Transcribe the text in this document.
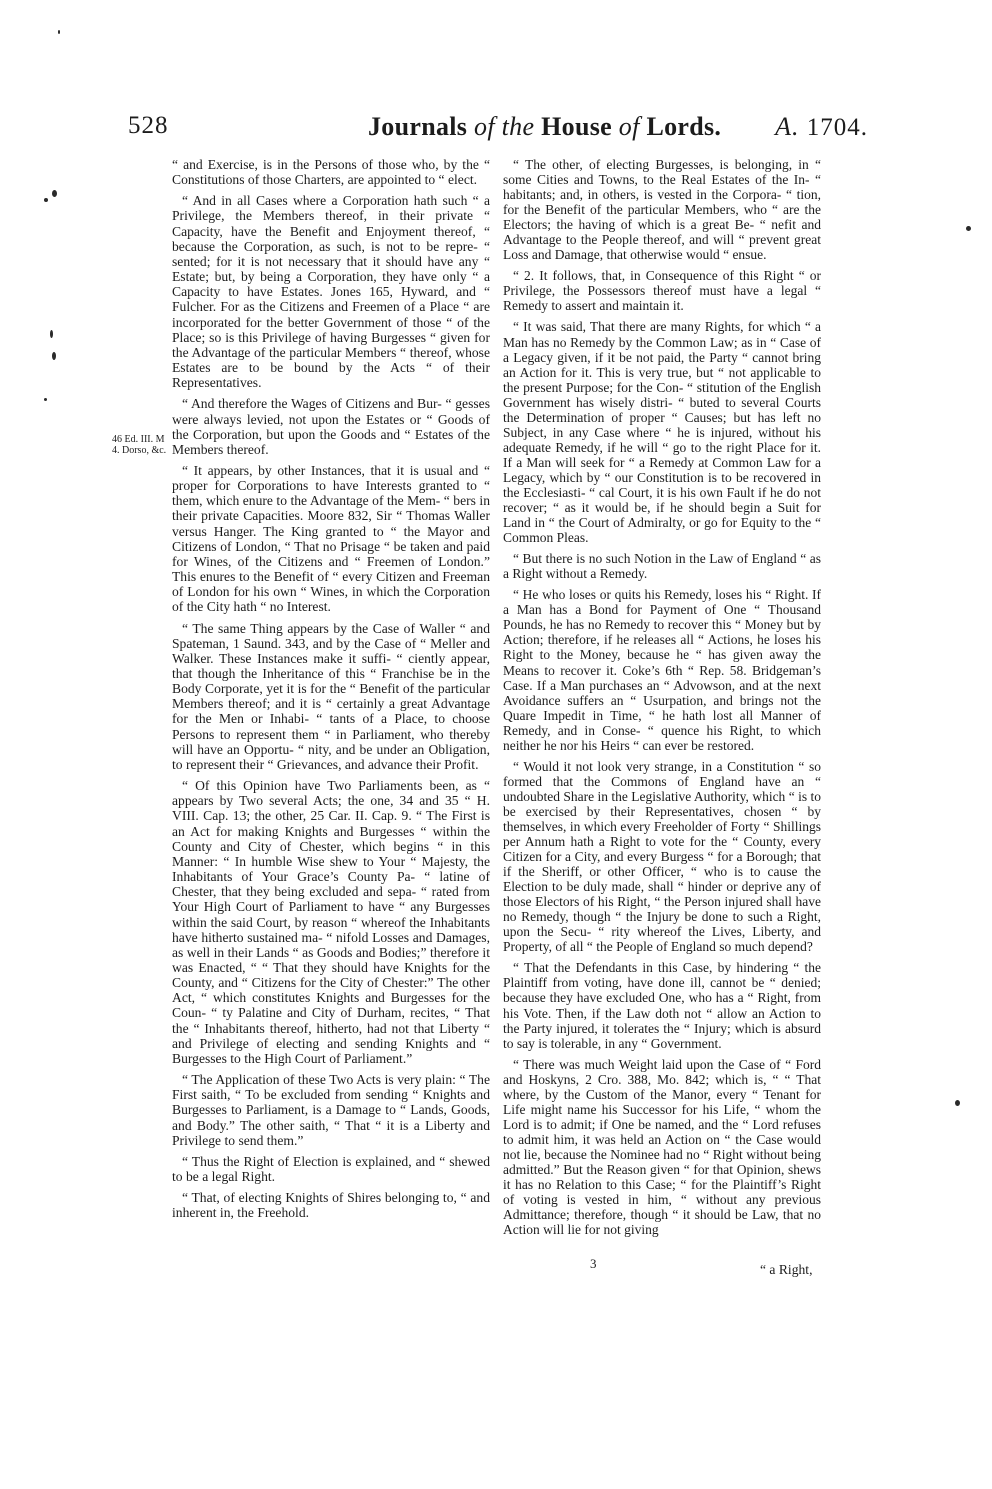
528	Journals of the House of Lords. A. 1704.
46 Ed. III. M 4. Dorso, &c.

“ and Exercise, is in the Persons of those who, by the “ Constitutions of those Charters, are appointed to “ elect.

“ And in all Cases where a Corporation hath such “ a Privilege, the Members thereof, in their private “ Capacity, have the Benefit and Enjoyment thereof, “ because the Corporation, as such, is not to be repre- “ sented; for it is not necessary that it should have any “ Estate; but, by being a Corporation, they have only “ a Capacity to have Estates. Jones 165, Hyward, and “ Fulcher. For as the Citizens and Freemen of a Place “ are incorporated for the better Government of those “ of the Place; so is this Privilege of having Burgesses “ given for the Advantage of the particular Members “ thereof, whose Estates are to be bound by the Acts “ of their Representatives.

“ And therefore the Wages of Citizens and Bur- “ gesses were always levied, not upon the Estates or “ Goods of the Corporation, but upon the Goods and “ Estates of the Members thereof.

“ It appears, by other Instances, that it is usual and “ proper for Corporations to have Interests granted to “ them, which enure to the Advantage of the Mem- “ bers in their private Capacities. Moore 832, Sir “ Thomas Waller versus Hanger. The King granted to “ the Mayor and Citizens of London, “ That no Prisage “ be taken and paid for Wines, of the Citizens and “ Freemen of London.” This enures to the Benefit of “ every Citizen and Freeman of London for his own “ Wines, in which the Corporation of the City hath “ no Interest.

“ The same Thing appears by the Case of Waller “ and Spateman, 1 Saund. 343, and by the Case of “ Meller and Walker. These Instances make it suffi- “ ciently appear, that though the Inheritance of this “ Franchise be in the Body Corporate, yet it is for the “ Benefit of the particular Members thereof; and it is “ certainly a great Advantage for the Men or Inhabi- “ tants of a Place, to choose Persons to represent them “ in Parliament, who thereby will have an Opportu- “ nity, and be under an Obligation, to represent their “ Grievances, and advance their Profit.

“ Of this Opinion have Two Parliaments been, as “ appears by Two several Acts; the one, 34 and 35 “ H. VIII. Cap. 13; the other, 25 Car. II. Cap. 9. “ The First is an Act for making Knights and Burgesses “ within the County and City of Chester, which begins “ in this Manner: “ In humble Wise shew to Your “ Majesty, the Inhabitants of Your Grace’s County Pa- “ latine of Chester, that they being excluded and sepa- “ rated from Your High Court of Parliament to have “ any Burgesses within the said Court, by reason “ whereof the Inhabitants have hitherto sustained ma- “ nifold Losses and Damages, as well in their Lands “ as Goods and Bodies;” therefore it was Enacted, “ “ That they should have Knights for the County, and “ Citizens for the City of Chester:” The other Act, “ which constitutes Knights and Burgesses for the Coun- “ ty Palatine and City of Durham, recites, “ That the “ Inhabitants thereof, hitherto, had not that Liberty “ and Privilege of electing and sending Knights and “ Burgesses to the High Court of Parliament.”

“ The Application of these Two Acts is very plain: “ The First saith, “ To be excluded from sending “ Knights and Burgesses to Parliament, is a Damage to “ Lands, Goods, and Body.” The other saith, “ That “ it is a Liberty and Privilege to send them.”

“ Thus the Right of Election is explained, and “ shewed to be a legal Right.

“ That, of electing Knights of Shires belonging to, “ and inherent in, the Freehold.

“ The other, of electing Burgesses, is belonging, in “ some Cities and Towns, to the Real Estates of the In- “ habitants; and, in others, is vested in the Corpora- “ tion, for the Benefit of the particular Members, who “ are the Electors; the having of which is a great Be- “ nefit and Advantage to the People thereof, and will “ prevent great Loss and Damage, that otherwise would “ ensue.

“ 2. It follows, that, in Consequence of this Right “ or Privilege, the Possessors thereof must have a legal “ Remedy to assert and maintain it.

“ It was said, That there are many Rights, for which “ a Man has no Remedy by the Common Law; as in “ Case of a Legacy given, if it be not paid, the Party “ cannot bring an Action for it. This is very true, but “ not applicable to the present Purpose; for the Con- “ stitution of the English Government has wisely distri- “ buted to several Courts the Determination of proper “ Causes; but has left no Subject, in any Case where “ he is injured, without his adequate Remedy, if he will “ go to the right Place for it. If a Man will seek for “ a Remedy at Common Law for a Legacy, which by “ our Constitution is to be recovered in the Ecclesiasti- “ cal Court, it is his own Fault if he do not recover; “ as it would be, if he should begin a Suit for Land in “ the Court of Admiralty, or go for Equity to the “ Common Pleas.

“ But there is no such Notion in the Law of England “ as a Right without a Remedy.

“ He who loses or quits his Remedy, loses his “ Right. If a Man has a Bond for Payment of One “ Thousand Pounds, he has no Remedy to recover this “ Money but by Action; therefore, if he releases all “ Actions, he loses his Right to the Money, because he “ has given away the Means to recover it. Coke’s 6th “ Rep. 58. Bridgeman’s Case. If a Man purchases an “ Advowson, and at the next Avoidance suffers an “ Usurpation, and brings not the Quare Impedit in Time, “ he hath lost all Manner of Remedy, and in Conse- “ quence his Right, to which neither he nor his Heirs “ can ever be restored.

“ Would it not look very strange, in a Constitution “ so formed that the Commons of England have an “ undoubted Share in the Legislative Authority, which “ is to be exercised by their Representatives, chosen “ by themselves, in which every Freeholder of Forty “ Shillings per Annum hath a Right to vote for the “ County, every Citizen for a City, and every Burgess “ for a Borough; that if the Sheriff, or other Officer, “ who is to cause the Election to be duly made, shall “ hinder or deprive any of those Electors of his Right, “ the Person injured shall have no Remedy, though “ the Injury be done to such a Right, upon the Secu- “ rity whereof the Lives, Liberty, and Property, of all “ the People of England so much depend?

“ That the Defendants in this Case, by hindering “ the Plaintiff from voting, have done ill, cannot be “ denied; because they have excluded One, who has a “ Right, from his Vote. Then, if the Law doth not “ allow an Action to the Party injured, it tolerates the “ Injury; which is absurd to say is tolerable, in any “ Government.

“ There was much Weight laid upon the Case of “ Ford and Hoskyns, 2 Cro. 388, Mo. 842; which is, “ “ That where, by the Custom of the Manor, every “ Tenant for Life might name his Successor for his Life, “ whom the Lord is to admit; if One be named, and the “ Lord refuses to admit him, it was held an Action on “ the Case would not lie, because the Nominee had no “ Right without being admitted.” But the Reason given “ for that Opinion, shews it has no Relation to this Case; “ for the Plaintiff’s Right of voting is vested in him, “ without any previous Admittance; therefore, though “ it should be Law, that no Action will lie for not giving

3	“ a Right,
